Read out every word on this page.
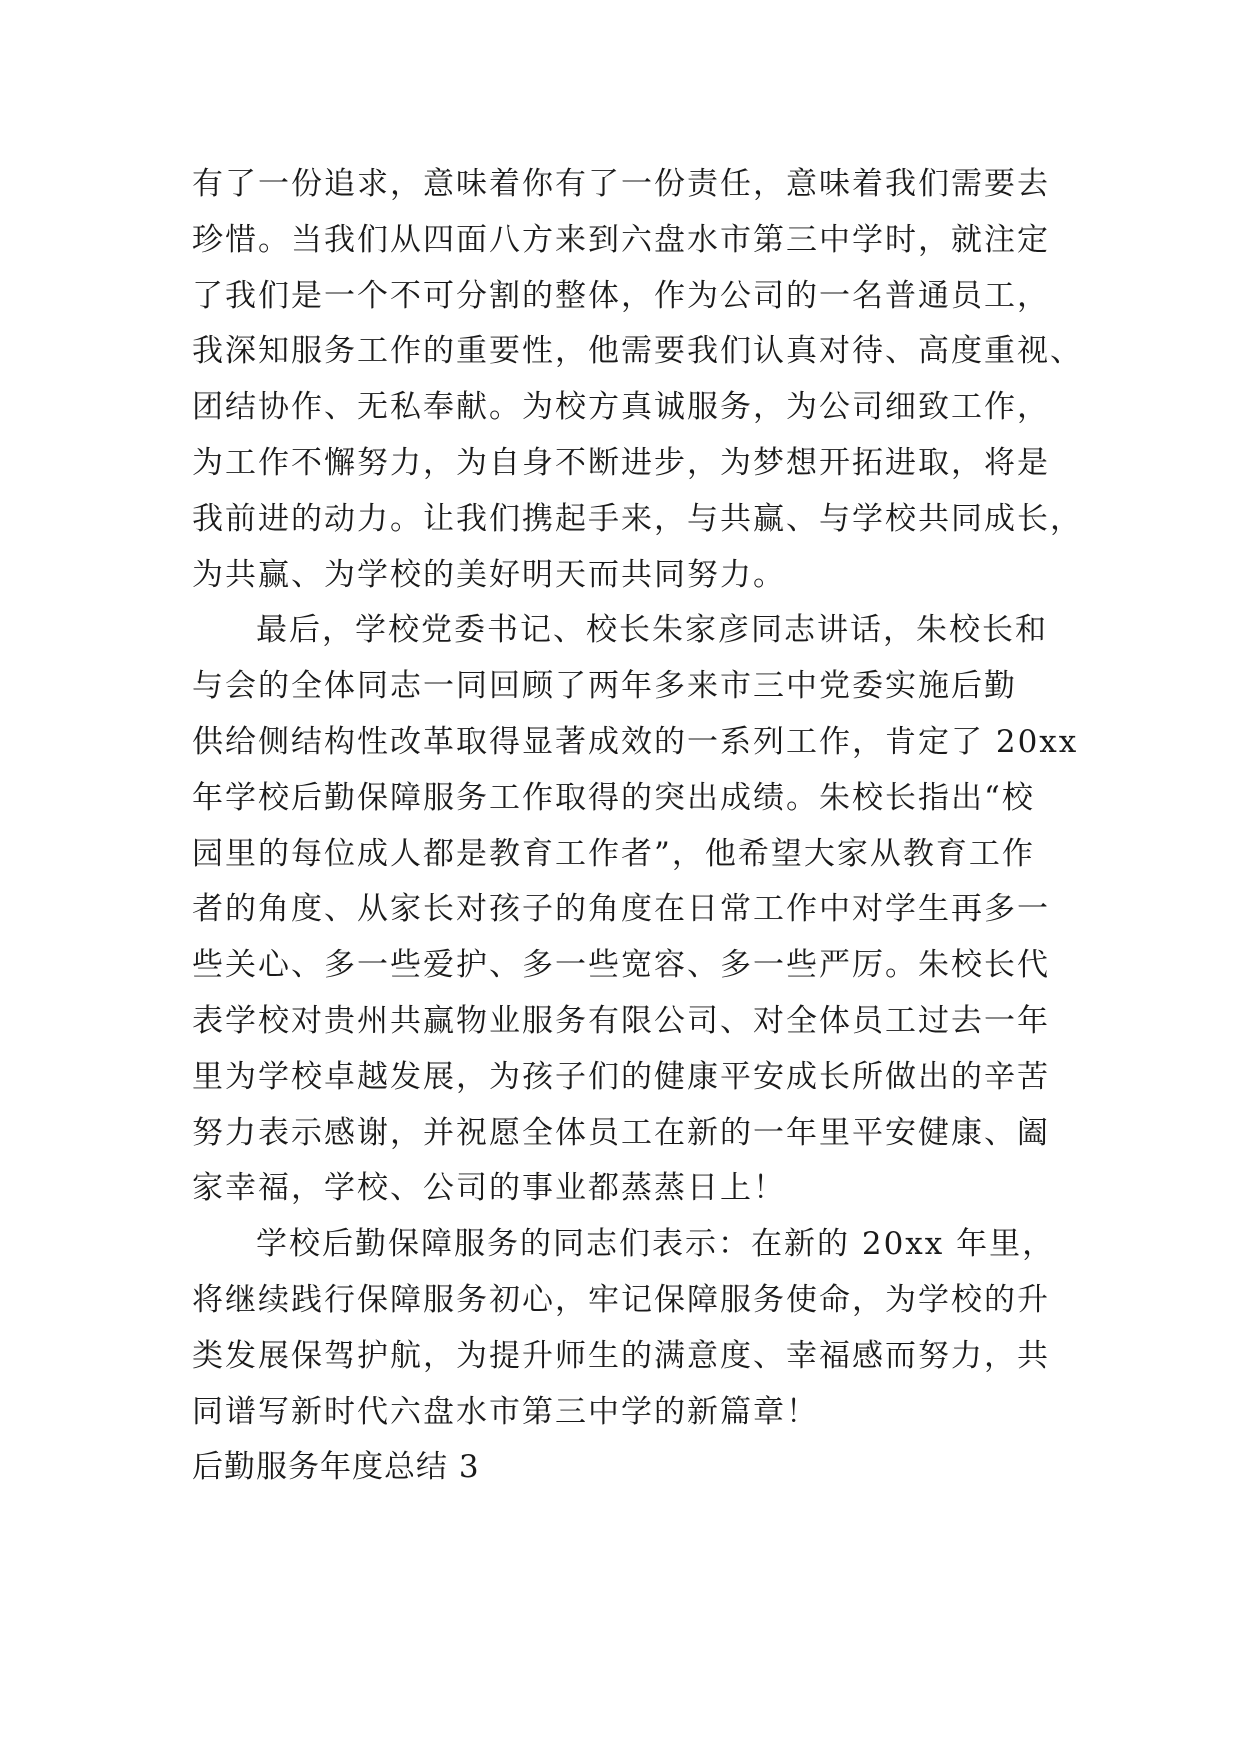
有了一份追求，意味着你有了一份责任，意味着我们需要去
珍惜。当我们从四面八方来到六盘水市第三中学时，就注定
了我们是一个不可分割的整体，作为公司的一名普通员工，
我深知服务工作的重要性，他需要我们认真对待、高度重视、
团结协作、无私奉献。为校方真诚服务，为公司细致工作，
为工作不懈努力，为自身不断进步，为梦想开拓进取，将是
我前进的动力。让我们携起手来，与共赢、与学校共同成长，
为共赢、为学校的美好明天而共同努力。
最后，学校党委书记、校长朱家彦同志讲话，朱校长和
与会的全体同志一同回顾了两年多来市三中党委实施后勤
供给侧结构性改革取得显著成效的一系列工作，肯定了 20xx
年学校后勤保障服务工作取得的突出成绩。朱校长指出“校
园里的每位成人都是教育工作者”，他希望大家从教育工作
者的角度、从家长对孩子的角度在日常工作中对学生再多一
些关心、多一些爱护、多一些宽容、多一些严厉。朱校长代
表学校对贵州共赢物业服务有限公司、对全体员工过去一年
里为学校卓越发展，为孩子们的健康平安成长所做出的辛苦
努力表示感谢，并祝愿全体员工在新的一年里平安健康、阖
家幸福，学校、公司的事业都蒸蒸日上！
学校后勤保障服务的同志们表示：在新的 20xx 年里，
将继续践行保障服务初心，牢记保障服务使命，为学校的升
类发展保驾护航，为提升师生的满意度、幸福感而努力，共
同谱写新时代六盘水市第三中学的新篇章！
后勤服务年度总结 3
